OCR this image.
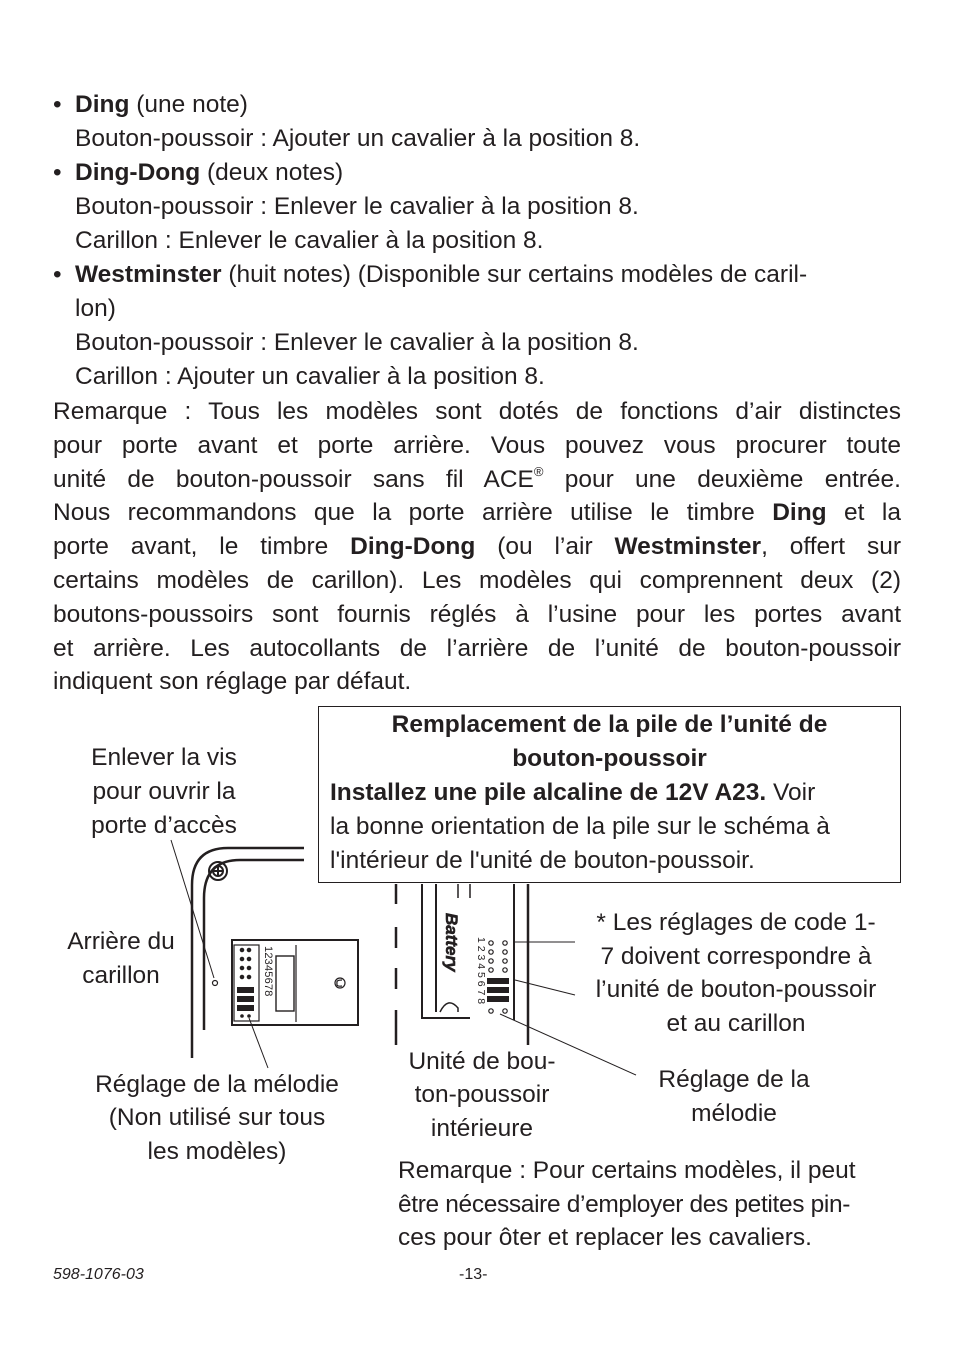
• Ding (une note)
Bouton-poussoir : Ajouter un cavalier à la position 8.
• Ding-Dong (deux notes)
Bouton-poussoir : Enlever le cavalier à la position 8.
Carillon : Enlever le cavalier à la position 8.
• Westminster (huit notes) (Disponible sur certains modèles de caril-
lon)
Bouton-poussoir : Enlever le cavalier à la position 8.
Carillon : Ajouter un cavalier à la position 8.
Remarque : Tous les modèles sont dotés de fonctions d’air distinctes
pour porte avant et porte arrière. Vous pouvez vous procurer toute
unité de bouton-poussoir sans fil ACE® pour une deuxième entrée.
Nous recommandons que la porte arrière utilise le timbre Ding et la
porte avant, le timbre Ding-Dong (ou l’air Westminster, offert sur
certains modèles de carillon). Les modèles qui comprennent deux (2)
boutons-poussoirs sont fournis réglés à l’usine pour les portes avant
et arrière. Les autocollants de l’arrière de l’unité de bouton-poussoir
indiquent son réglage par défaut.
12345678	Battery 1 2 3 4 5 6 7 8
Remplacement de la pile de l’unité de
bouton-poussoir
Installez une pile alcaline de 12V A23. Voir
la bonne orientation de la pile sur le schéma à
l'intérieur de l'unité de bouton-poussoir.
Enlever la vis
pour ouvrir la
porte d’accès
Arrière du
carillon
Réglage de la mélodie
(Non utilisé sur tous
les modèles)
Unité de bou-
ton-poussoir
intérieure
* Les réglages de code 1-
7 doivent correspondre à
l’unité de bouton-poussoir
et au carillon
Réglage de la
mélodie
Remarque : Pour certains modèles, il peut
être nécessaire d’employer des petites pin-
ces pour ôter et replacer les cavaliers.
598-1076-03	-13-
